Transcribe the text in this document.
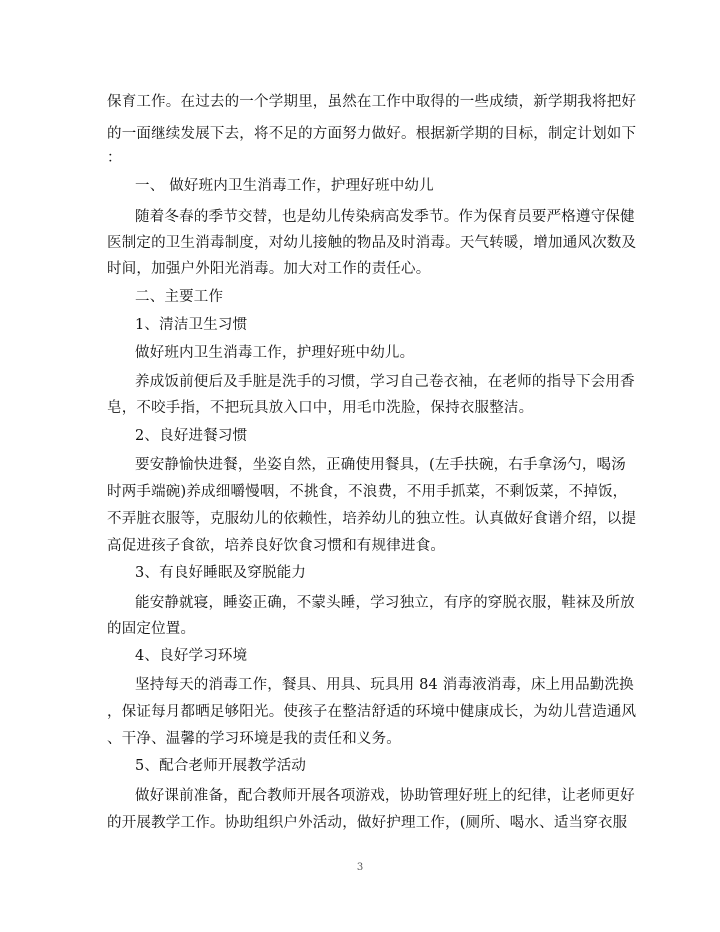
保育工作。在过去的一个学期里，虽然在工作中取得的一些成绩，新学期我将把好
的一面继续发展下去，将不足的方面努力做好。根据新学期的目标，制定计划如下
：
一、 做好班内卫生消毒工作，护理好班中幼儿
随着冬春的季节交替，也是幼儿传染病高发季节。作为保育员要严格遵守保健
医制定的卫生消毒制度，对幼儿接触的物品及时消毒。天气转暖，增加通风次数及
时间，加强户外阳光消毒。加大对工作的责任心。
二、主要工作
1、清洁卫生习惯
做好班内卫生消毒工作，护理好班中幼儿。
养成饭前便后及手脏是洗手的习惯，学习自己卷衣袖，在老师的指导下会用香
皂，不咬手指，不把玩具放入口中，用毛巾洗脸，保持衣服整洁。
2、良好进餐习惯
要安静愉快进餐，坐姿自然，正确使用餐具，(左手扶碗，右手拿汤勺，喝汤
时两手端碗)养成细嚼慢咽，不挑食，不浪费，不用手抓菜，不剩饭菜，不掉饭，
不弄脏衣服等，克服幼儿的依赖性，培养幼儿的独立性。认真做好食谱介绍，以提
高促进孩子食欲，培养良好饮食习惯和有规律进食。
3、有良好睡眠及穿脱能力
能安静就寝，睡姿正确，不蒙头睡，学习独立，有序的穿脱衣服，鞋袜及所放
的固定位置。
4、良好学习环境
坚持每天的消毒工作，餐具、用具、玩具用 84 消毒液消毒，床上用品勤洗换
，保证每月都晒足够阳光。使孩子在整洁舒适的环境中健康成长，为幼儿营造通风
、干净、温馨的学习环境是我的责任和义务。
5、配合老师开展教学活动
做好课前准备，配合教师开展各项游戏，协助管理好班上的纪律，让老师更好
的开展教学工作。协助组织户外活动，做好护理工作，(厕所、喝水、适当穿衣服
3
